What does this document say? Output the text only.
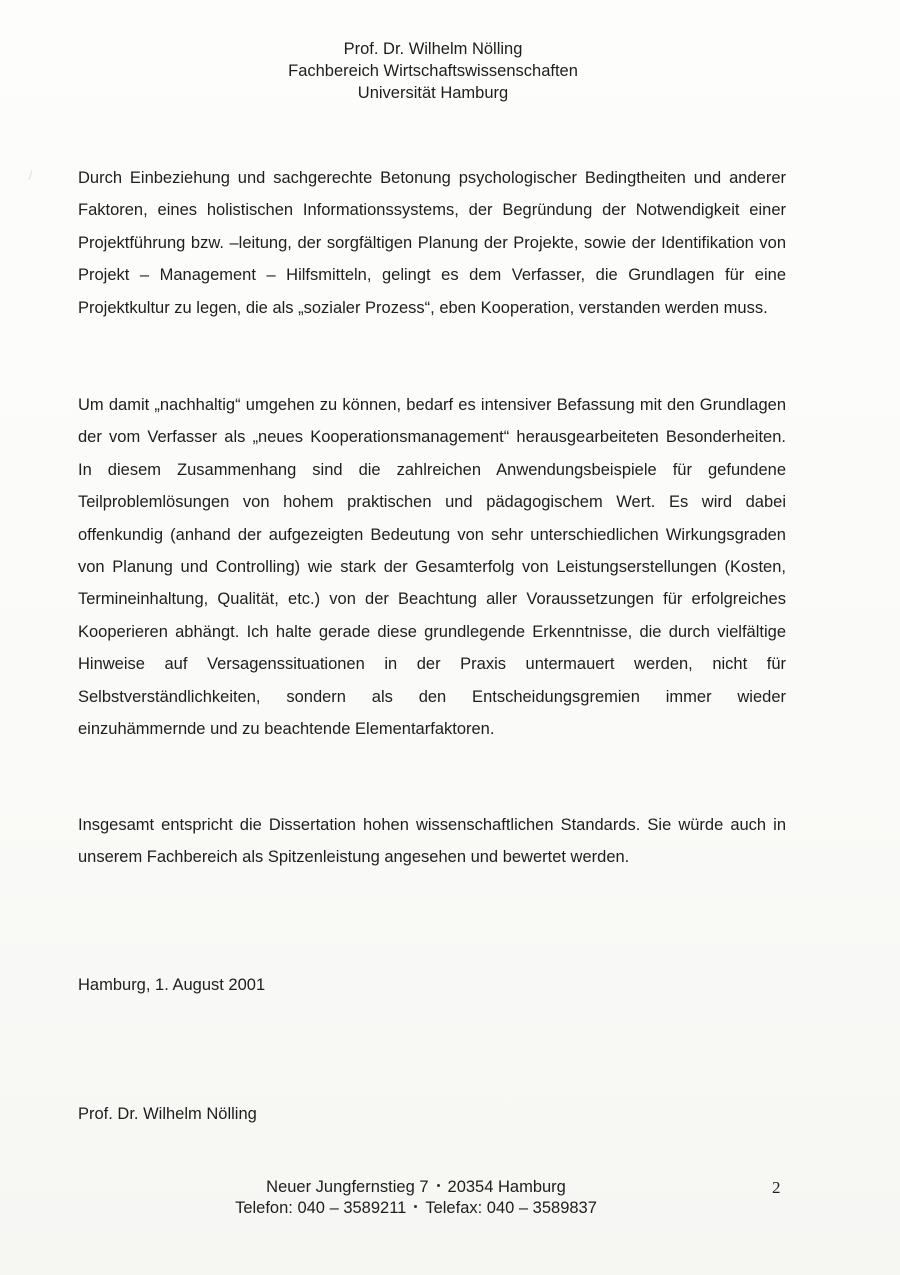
Prof. Dr. Wilhelm Nölling
Fachbereich Wirtschaftswissenschaften
Universität Hamburg

Durch Einbeziehung und sachgerechte Betonung psychologischer Bedingtheiten und anderer Faktoren, eines holistischen Informationssystems, der Begründung der Notwendigkeit einer Projektführung bzw. –leitung, der sorgfältigen Planung der Projekte, sowie der Identifikation von Projekt – Management – Hilfsmitteln, gelingt es dem Verfasser, die Grundlagen für eine Projektkultur zu legen, die als „sozialer Prozess“, eben Kooperation, verstanden werden muss.

Um damit „nachhaltig“ umgehen zu können, bedarf es intensiver Befassung mit den Grundlagen der vom Verfasser als „neues Kooperationsmanagement“ herausgearbeiteten Besonderheiten. In diesem Zusammenhang sind die zahlreichen Anwendungsbeispiele für gefundene Teilproblemlösungen von hohem praktischen und pädagogischem Wert. Es wird dabei offenkundig (anhand der aufgezeigten Bedeutung von sehr unterschiedlichen Wirkungsgraden von Planung und Controlling) wie stark der Gesamterfolg von Leistungserstellungen (Kosten, Termineinhaltung, Qualität, etc.) von der Beachtung aller Voraussetzungen für erfolgreiches Kooperieren abhängt. Ich halte gerade diese grundlegende Erkenntnisse, die durch vielfältige Hinweise auf Versagenssituationen in der Praxis untermauert werden, nicht für Selbstverständlichkeiten, sondern als den Entscheidungsgremien immer wieder einzuhämmernde und zu beachtende Elementarfaktoren.

Insgesamt entspricht die Dissertation hohen wissenschaftlichen Standards. Sie würde auch in unserem Fachbereich als Spitzenleistung angesehen und bewertet werden.

Hamburg, 1. August 2001

Prof. Dr. Wilhelm Nölling

Neuer Jungfernstieg 7 20354 Hamburg
Telefon: 040 – 3589211 Telefax: 040 – 3589837
2
